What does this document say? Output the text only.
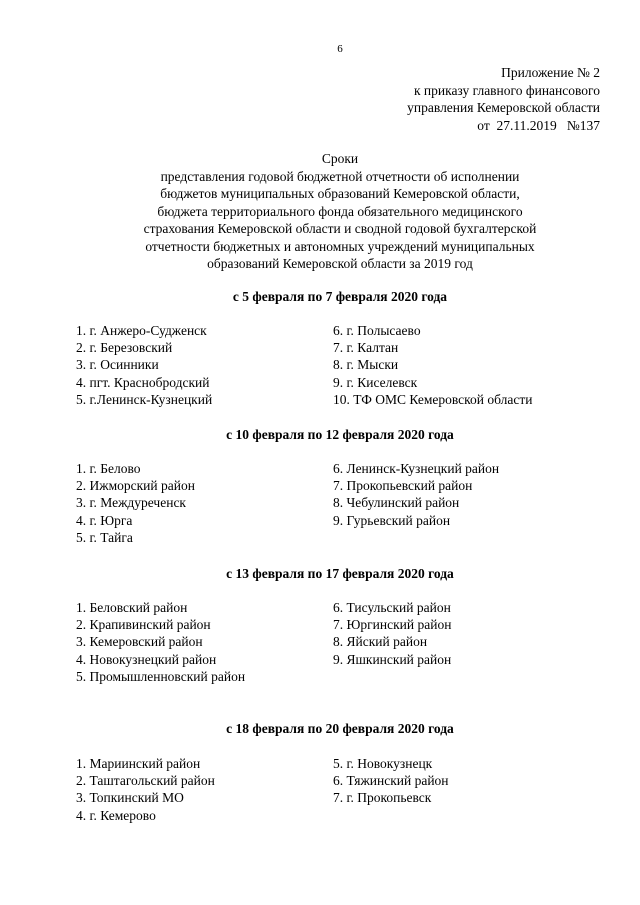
6
Приложение № 2
к приказу главного финансового
управления Кемеровской области
от  27.11.2019   №137
Сроки
представления годовой бюджетной отчетности об исполнении
бюджетов муниципальных образований Кемеровской области,
бюджета территориального фонда обязательного медицинского
страхования Кемеровской области и сводной годовой бухгалтерской
отчетности бюджетных и автономных учреждений муниципальных
образований Кемеровской области за 2019 год
с 5 февраля по 7 февраля 2020 года
1. г. Анжеро-Судженск
2. г. Березовский
3. г. Осинники
4. пгт. Краснобродский
5. г.Ленинск-Кузнецкий
6. г. Полысаево
7. г. Калтан
8. г. Мыски
9. г. Киселевск
10. ТФ ОМС Кемеровской области
с 10 февраля по 12 февраля 2020 года
1. г. Белово
2. Ижморский район
3. г. Междуреченск
4. г. Юрга
5. г. Тайга
6. Ленинск-Кузнецкий район
7. Прокопьевский район
8. Чебулинский район
9. Гурьевский район
с 13 февраля по 17 февраля 2020 года
1. Беловский район
2. Крапивинский район
3. Кемеровский район
4. Новокузнецкий район
5. Промышленновский район
6. Тисульский район
7. Юргинский район
8. Яйский район
9. Яшкинский район
с 18 февраля по 20 февраля 2020 года
1. Мариинский район
2. Таштагольский район
3. Топкинский МО
4. г. Кемерово
5. г. Новокузнецк
6. Тяжинский район
7. г. Прокопьевск
